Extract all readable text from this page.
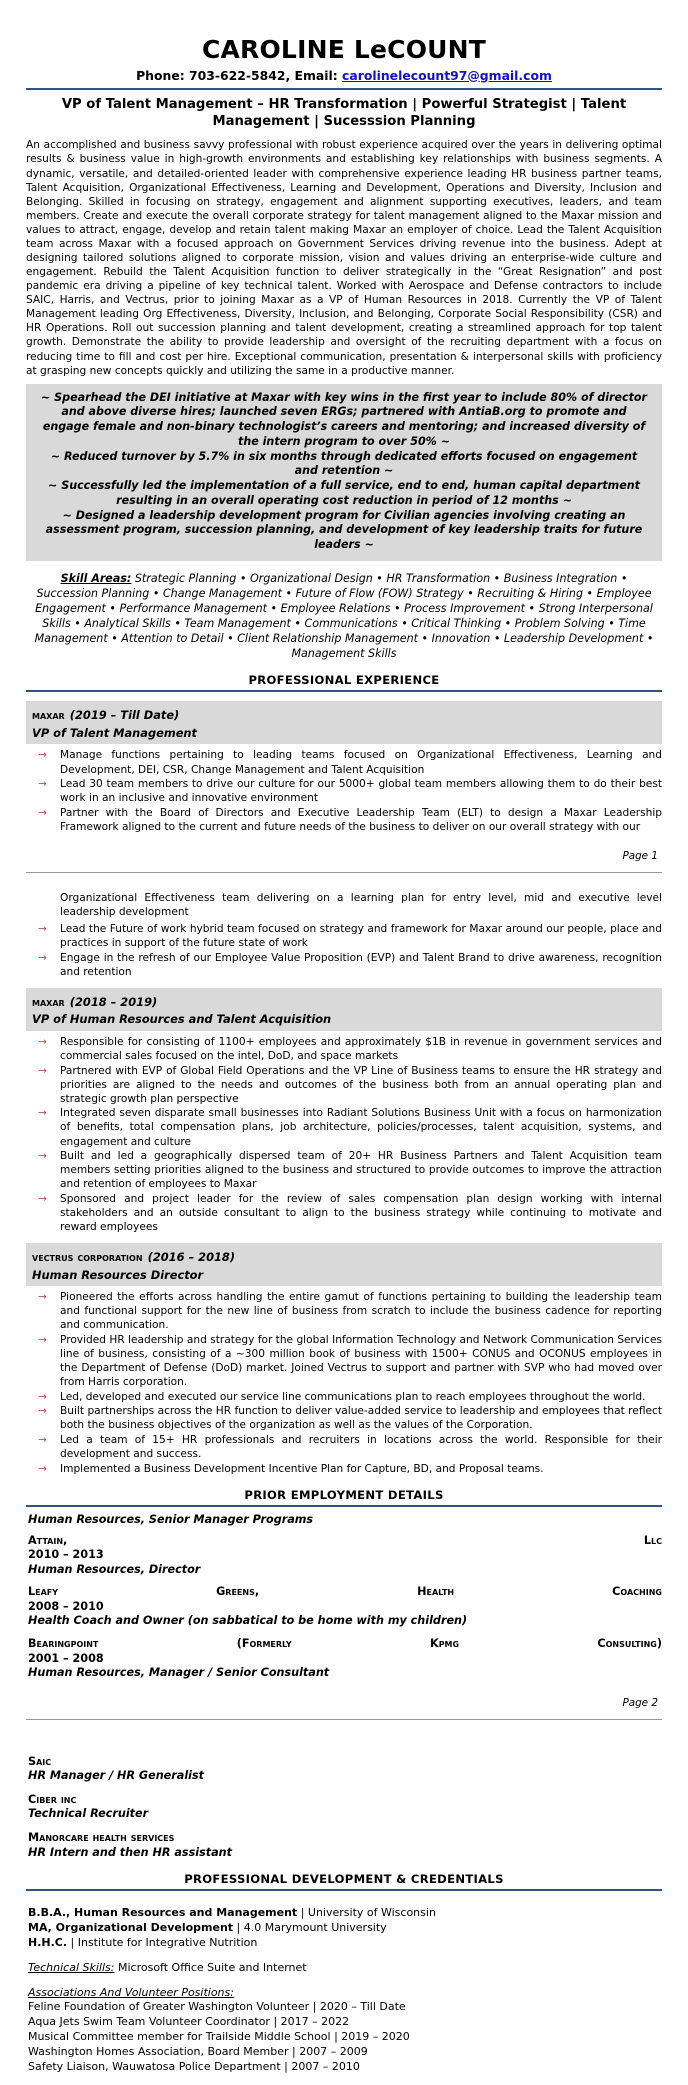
CAROLINE LeCOUNT
Phone: 703-622-5842, Email: carolinelecount97@gmail.com
VP of Talent Management – HR Transformation | Powerful Strategist | Talent Management | Sucesssion Planning

An accomplished and business savvy professional with robust experience acquired over the years in delivering optimal results & business value in high-growth environments and establishing key relationships with business segments. A dynamic, versatile, and detailed-oriented leader with comprehensive experience leading HR business partner teams, Talent Acquisition, Organizational Effectiveness, Learning and Development, Operations and Diversity, Inclusion and Belonging. Skilled in focusing on strategy, engagement and alignment supporting executives, leaders, and team members. Create and execute the overall corporate strategy for talent management aligned to the Maxar mission and values to attract, engage, develop and retain talent making Maxar an employer of choice. Lead the Talent Acquisition team across Maxar with a focused approach on Government Services driving revenue into the business. Adept at designing tailored solutions aligned to corporate mission, vision and values driving an enterprise-wide culture and engagement. Rebuild the Talent Acquisition function to deliver strategically in the “Great Resignation” and post pandemic era driving a pipeline of key technical talent. Worked with Aerospace and Defense contractors to include SAIC, Harris, and Vectrus, prior to joining Maxar as a VP of Human Resources in 2018. Currently the VP of Talent Management leading Org Effectiveness, Diversity, Inclusion, and Belonging, Corporate Social Responsibility (CSR) and HR Operations. Roll out succession planning and talent development, creating a streamlined approach for top talent growth. Demonstrate the ability to provide leadership and oversight of the recruiting department with a focus on reducing time to fill and cost per hire. Exceptional communication, presentation & interpersonal skills with proficiency at grasping new concepts quickly and utilizing the same in a productive manner.

~ Spearhead the DEI initiative at Maxar with key wins in the first year to include 80% of director and above diverse hires; launched seven ERGs; partnered with AntiaB.org to promote and engage female and non-binary technologist’s careers and mentoring; and increased diversity of the intern program to over 50% ~

~ Reduced turnover by 5.7% in six months through dedicated efforts focused on engagement and retention ~

~ Successfully led the implementation of a full service, end to end, human capital department resulting in an overall operating cost reduction in period of 12 months ~

~ Designed a leadership development program for Civilian agencies involving creating an assessment program, succession planning, and development of key leadership traits for future leaders ~

Skill Areas: Strategic Planning • Organizational Design • HR Transformation • Business Integration • Succession Planning • Change Management • Future of Flow (FOW) Strategy • Recruiting & Hiring • Employee Engagement • Performance Management • Employee Relations • Process Improvement • Strong Interpersonal Skills • Analytical Skills • Team Management • Communications • Critical Thinking • Problem Solving • Time Management • Attention to Detail • Client Relationship Management • Innovation • Leadership Development • Management Skills
PROFESSIONAL EXPERIENCE
maxar (2019 – Till Date)
VP of Talent Management
→ Manage functions pertaining to leading teams focused on Organizational Effectiveness, Learning and Development, DEI, CSR, Change Management and Talent Acquisition
→ Lead 30 team members to drive our culture for our 5000+ global team members allowing them to do their best work in an inclusive and innovative environment
→ Partner with the Board of Directors and Executive Leadership Team (ELT) to design a Maxar Leadership Framework aligned to the current and future needs of the business to deliver on our overall strategy with our
Page 1

Organizational Effectiveness team delivering on a learning plan for entry level, mid and executive level leadership development

→ Lead the Future of work hybrid team focused on strategy and framework for Maxar around our people, place and practices in support of the future state of work
→ Engage in the refresh of our Employee Value Proposition (EVP) and Talent Brand to drive awareness, recognition and retention
maxar (2018 – 2019)
VP of Human Resources and Talent Acquisition
→ Responsible for consisting of 1100+ employees and approximately $1B in revenue in government services and commercial sales focused on the intel, DoD, and space markets
→ Partnered with EVP of Global Field Operations and the VP Line of Business teams to ensure the HR strategy and priorities are aligned to the needs and outcomes of the business both from an annual operating plan and strategic growth plan perspective
→ Integrated seven disparate small businesses into Radiant Solutions Business Unit with a focus on harmonization of benefits, total compensation plans, job architecture, policies/processes, talent acquisition, systems, and engagement and culture
→ Built and led a geographically dispersed team of 20+ HR Business Partners and Talent Acquisition team members setting priorities aligned to the business and structured to provide outcomes to improve the attraction and retention of employees to Maxar
→ Sponsored and project leader for the review of sales compensation plan design working with internal stakeholders and an outside consultant to align to the business strategy while continuing to motivate and reward employees
vectrus corporation (2016 – 2018)
Human Resources Director
→ Pioneered the efforts across handling the entire gamut of functions pertaining to building the leadership team and functional support for the new line of business from scratch to include the business cadence for reporting and communication.
→ Provided HR leadership and strategy for the global Information Technology and Network Communication Services line of business, consisting of a ~300 million book of business with 1500+ CONUS and OCONUS employees in the Department of Defense (DoD) market. Joined Vectrus to support and partner with SVP who had moved over from Harris corporation.
→ Led, developed and executed our service line communications plan to reach employees throughout the world.
→ Built partnerships across the HR function to deliver value-added service to leadership and employees that reflect both the business objectives of the organization as well as the values of the Corporation.
→ Led a team of 15+ HR professionals and recruiters in locations across the world. Responsible for their development and success.
→ Implemented a Business Development Incentive Plan for Capture, BD, and Proposal teams.
PRIOR EMPLOYMENT DETAILS
Human Resources, Senior Manager Programs
Attain,	llc
2010 – 2013
Human Resources, Director
Leafy	greens,	health	coaching
2008 – 2010
Health Coach and Owner (on sabbatical to be home with my children)
Bearingpoint	(formerly	kpmg	consulting)
2001 – 2008
Human Resources, Manager / Senior Consultant
Page 2
Saic
HR Manager / HR Generalist
Ciber inc
Technical Recruiter
Manorcare health services
HR Intern and then HR assistant
PROFESSIONAL DEVELOPMENT & CREDENTIALS
B.B.A., Human Resources and Management | University of Wisconsin
MA, Organizational Development | 4.0 Marymount University
H.H.C. | Institute for Integrative Nutrition
Technical Skills: Microsoft Office Suite and Internet
Associations And Volunteer Positions:
Feline Foundation of Greater Washington Volunteer | 2020 – Till Date
Aqua Jets Swim Team Volunteer Coordinator | 2017 – 2022
Musical Committee member for Trailside Middle School | 2019 – 2020
Washington Homes Association, Board Member | 2007 – 2009
Safety Liaison, Wauwatosa Police Department | 2007 – 2010
